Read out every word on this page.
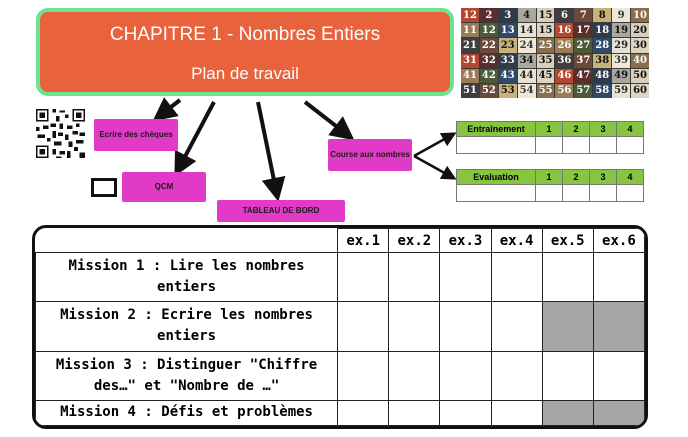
CHAPITRE 1 - Nombres Entiers
Plan de travail
12 2	3	4 15 6	7	8	9 10
11 12 13 14 15 16 17 18 19 20
21 22 23 24 25 26 27 28 29 30
31 32 33 34 35 36 37 38 39 40
41 42 43 44 45 46 47 48 49 50
51 52 53 54 55 56 57 58 59 60
Ecrire des chèques
QCM
TABLEAU DE BORD
Course aux nombres
Entraînement	1	2	3	4

Evaluation	1	2	3	4

	ex.1	ex.2	ex.3	ex.4	ex.5	ex.6
Mission 1 : Lire les nombres entiers						
Mission 2 : Ecrire les nombres entiers						
Mission 3 : Distinguer "Chiffre des…" et "Nombre de …"						
Mission 4 : Défis et problèmes						
